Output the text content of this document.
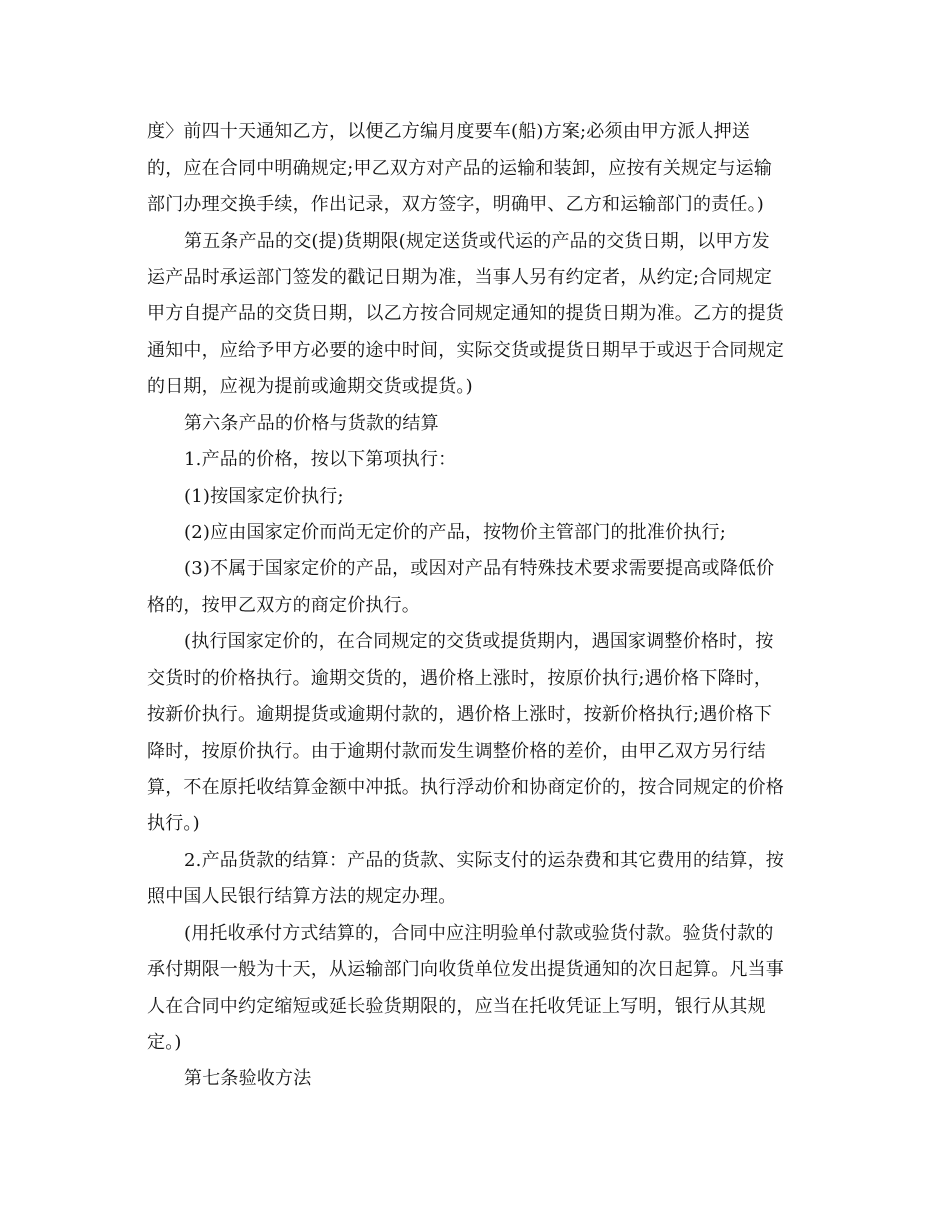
度〉前四十天通知乙方，以便乙方编月度要车(船)方案;必须由甲方派人押送
的，应在合同中明确规定;甲乙双方对产品的运输和装卸，应按有关规定与运输
部门办理交换手续，作出记录，双方签字，明确甲、乙方和运输部门的责任。)
第五条产品的交(提)货期限(规定送货或代运的产品的交货日期，以甲方发
运产品时承运部门签发的戳记日期为准，当事人另有约定者，从约定;合同规定
甲方自提产品的交货日期，以乙方按合同规定通知的提货日期为准。乙方的提货
通知中，应给予甲方必要的途中时间，实际交货或提货日期早于或迟于合同规定
的日期，应视为提前或逾期交货或提货。)
第六条产品的价格与货款的结算
1.产品的价格，按以下第项执行：
(1)按国家定价执行;
(2)应由国家定价而尚无定价的产品，按物价主管部门的批准价执行;
(3)不属于国家定价的产品，或因对产品有特殊技术要求需要提高或降低价
格的，按甲乙双方的商定价执行。
(执行国家定价的，在合同规定的交货或提货期内，遇国家调整价格时，按
交货时的价格执行。逾期交货的，遇价格上涨时，按原价执行;遇价格下降时，
按新价执行。逾期提货或逾期付款的，遇价格上涨时，按新价格执行;遇价格下
降时，按原价执行。由于逾期付款而发生调整价格的差价，由甲乙双方另行结
算，不在原托收结算金额中冲抵。执行浮动价和协商定价的，按合同规定的价格
执行。)
2.产品货款的结算：产品的货款、实际支付的运杂费和其它费用的结算，按
照中国人民银行结算方法的规定办理。
(用托收承付方式结算的，合同中应注明验单付款或验货付款。验货付款的
承付期限一般为十天，从运输部门向收货单位发出提货通知的次日起算。凡当事
人在合同中约定缩短或延长验货期限的，应当在托收凭证上写明，银行从其规
定。)
第七条验收方法
